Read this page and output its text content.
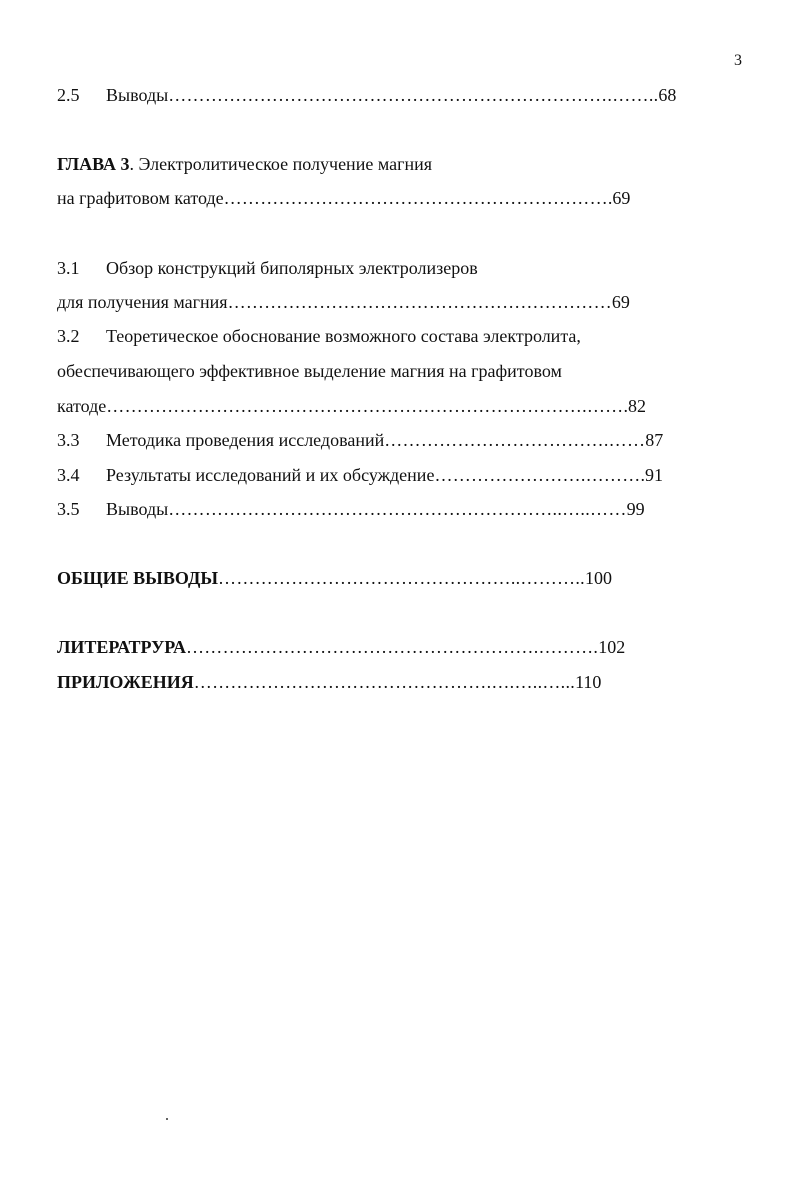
3
2.5 Выводы……………………………………………………………….……..68
ГЛАВА 3. Электролитическое получение магния
на графитовом катоде……………………………………………………….69
3.1 Обзор конструкций биполярных электролизеров
для получения магния………………………………………………………69
3.2 Теоретическое обоснование возможного состава электролита,
обеспечивающего эффективное выделение магния на графитовом
катоде…………………………………………………………………….…….82
3.3 Методика проведения исследований……………………………….……87
3.4 Результаты исследований и их обсуждение…………………….……….91
3.5 Выводы………………………………………………………..…..……99
ОБЩИЕ ВЫВОДЫ…………………………………………..………..100
ЛИТЕРАТРУРА………………………………………………….……….102
ПРИЛОЖЕНИЯ………………………………………….….…..…...110
